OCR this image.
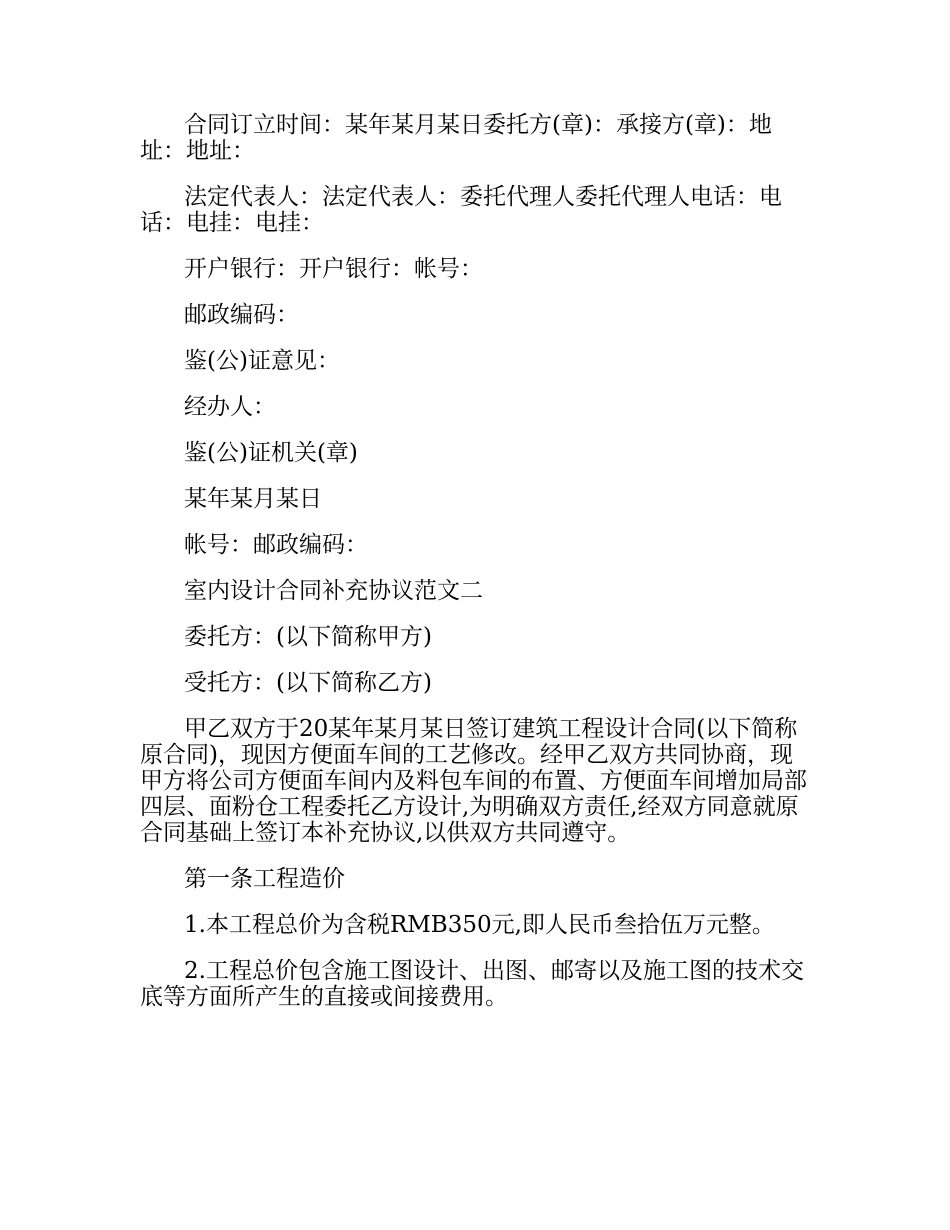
合同订立时间：某年某月某日委托方(章)：承接方(章)：地址：地址：

法定代表人：法定代表人：委托代理人委托代理人电话：电话：电挂：电挂：

开户银行：开户银行：帐号：

邮政编码：

鉴(公)证意见：

经办人：

鉴(公)证机关(章)

某年某月某日

帐号：邮政编码：

室内设计合同补充协议范文二

委托方：(以下简称甲方)

受托方：(以下简称乙方)

甲乙双方于20某年某月某日签订建筑工程设计合同(以下简称原合同)，现因方便面车间的工艺修改。经甲乙双方共同协商，现甲方将公司方便面车间内及料包车间的布置、方便面车间增加局部四层、面粉仓工程委托乙方设计,为明确双方责任,经双方同意就原合同基础上签订本补充协议,以供双方共同遵守。

第一条工程造价

1.本工程总价为含税RMB350元,即人民币叁拾伍万元整。

2.工程总价包含施工图设计、出图、邮寄以及施工图的技术交底等方面所产生的直接或间接费用。
